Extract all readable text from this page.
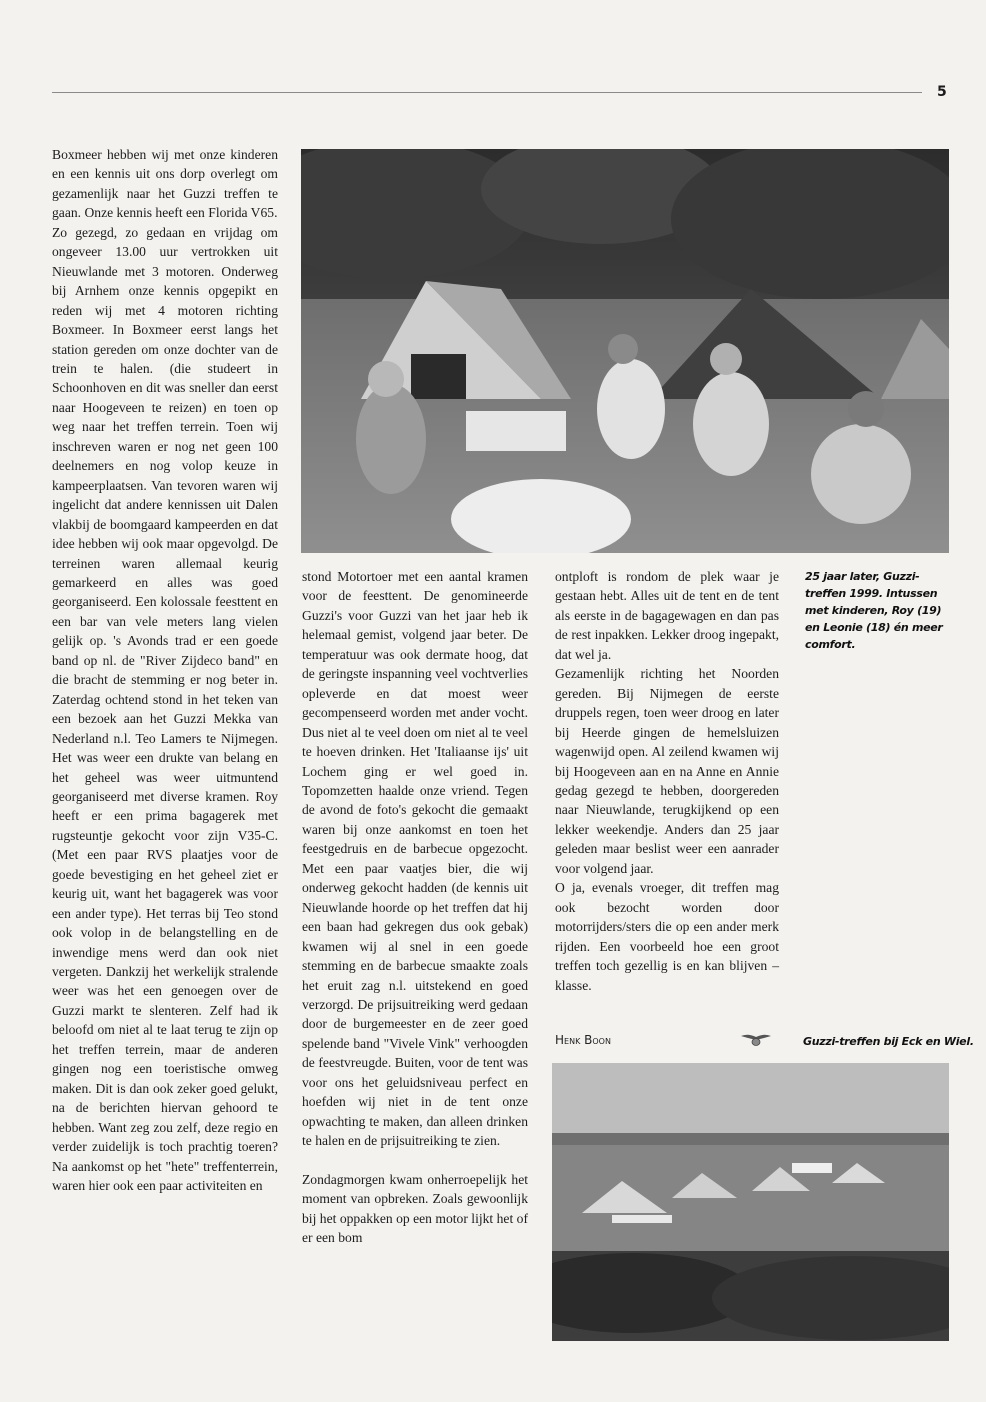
5

Boxmeer hebben wij met onze kinderen en een kennis uit ons dorp overlegt om gezamenlijk naar het Guzzi treffen te gaan. Onze kennis heeft een Florida V65.

Zo gezegd, zo gedaan en vrijdag om ongeveer 13.00 uur vertrokken uit Nieuwlande met 3 motoren. Onderweg bij Arnhem onze kennis opgepikt en reden wij met 4 motoren richting Boxmeer. In Boxmeer eerst langs het station gereden om onze dochter van de trein te halen. (die studeert in Schoonhoven en dit was sneller dan eerst naar Hoogeveen te reizen) en toen op weg naar het treffen terrein. Toen wij inschreven waren er nog net geen 100 deelnemers en nog volop keuze in kampeerplaatsen. Van tevoren waren wij ingelicht dat andere kennissen uit Dalen vlakbij de boomgaard kampeerden en dat idee hebben wij ook maar opgevolgd. De terreinen waren allemaal keurig gemarkeerd en alles was goed georganiseerd. Een kolossale feesttent en een bar van vele meters lang vielen gelijk op. 's Avonds trad er een goede band op nl. de "River Zijdeco band" en die bracht de stemming er nog beter in. Zaterdag ochtend stond in het teken van een bezoek aan het Guzzi Mekka van Nederland n.l. Teo Lamers te Nijmegen. Het was weer een drukte van belang en het geheel was weer uitmuntend georganiseerd met diverse kramen. Roy heeft er een prima bagagerek met rugsteuntje gekocht voor zijn V35-C. (Met een paar RVS plaatjes voor de goede bevestiging en het geheel ziet er keurig uit, want het bagagerek was voor een ander type). Het terras bij Teo stond ook volop in de belangstelling en de inwendige mens werd dan ook niet vergeten. Dankzij het werkelijk stralende weer was het een genoegen over de Guzzi markt te slenteren. Zelf had ik beloofd om niet al te laat terug te zijn op het treffen terrein, maar de anderen gingen nog een toeristische omweg maken. Dit is dan ook zeker goed gelukt, na de berichten hiervan gehoord te hebben. Want zeg zou zelf, deze regio en verder zuidelijk is toch prachtig toeren? Na aankomst op het "hete" treffenterrein, waren hier ook een paar activiteiten en

stond Motortoer met een aantal kramen voor de feesttent. De genomineerde Guzzi's voor Guzzi van het jaar heb ik helemaal gemist, volgend jaar beter. De temperatuur was ook dermate hoog, dat de geringste inspanning veel vochtverlies opleverde en dat moest weer gecompenseerd worden met ander vocht. Dus niet al te veel doen om niet al te veel te hoeven drinken. Het 'Italiaanse ijs' uit Lochem ging er wel goed in. Topomzetten haalde onze vriend. Tegen de avond de foto's gekocht die gemaakt waren bij onze aankomst en toen het feestgedruis en de barbecue opgezocht. Met een paar vaatjes bier, die wij onderweg gekocht hadden (de kennis uit Nieuwlande hoorde op het treffen dat hij een baan had gekregen dus ook gebak) kwamen wij al snel in een goede stemming en de barbecue smaakte zoals het eruit zag n.l. uitstekend en goed verzorgd. De prijsuitreiking werd gedaan door de burgemeester en de zeer goed spelende band "Vivele Vink" verhoogden de feestvreugde. Buiten, voor de tent was voor ons het geluidsniveau perfect en hoefden wij niet in de tent onze opwachting te maken, dan alleen drinken te halen en de prijsuitreiking te zien.

Zondagmorgen kwam onherroepelijk het moment van opbreken. Zoals gewoonlijk bij het oppakken op een motor lijkt het of er een bom

ontploft is rondom de plek waar je gestaan hebt. Alles uit de tent en de tent als eerste in de bagagewagen en dan pas de rest inpakken. Lekker droog ingepakt, dat wel ja.

Gezamenlijk richting het Noorden gereden. Bij Nijmegen de eerste druppels regen, toen weer droog en later bij Heerde gingen de hemelsluizen wagenwijd open. Al zeilend kwamen wij bij Hoogeveen aan en na Anne en Annie gedag gezegd te hebben, doorgereden naar Nieuwlande, terugkijkend op een lekker weekendje. Anders dan 25 jaar geleden maar beslist weer een aanrader voor volgend jaar.

O ja, evenals vroeger, dit treffen mag ook bezocht worden door motorrijders/sters die op een ander merk rijden. Een voorbeeld hoe een groot treffen toch gezellig is en kan blijven – klasse.

25 jaar later, Guzzi-treffen 1999. Intussen met kinderen, Roy (19) en Leonie (18) én meer comfort.
Henk Boon	Guzzi-treffen bij Eck en Wiel.
